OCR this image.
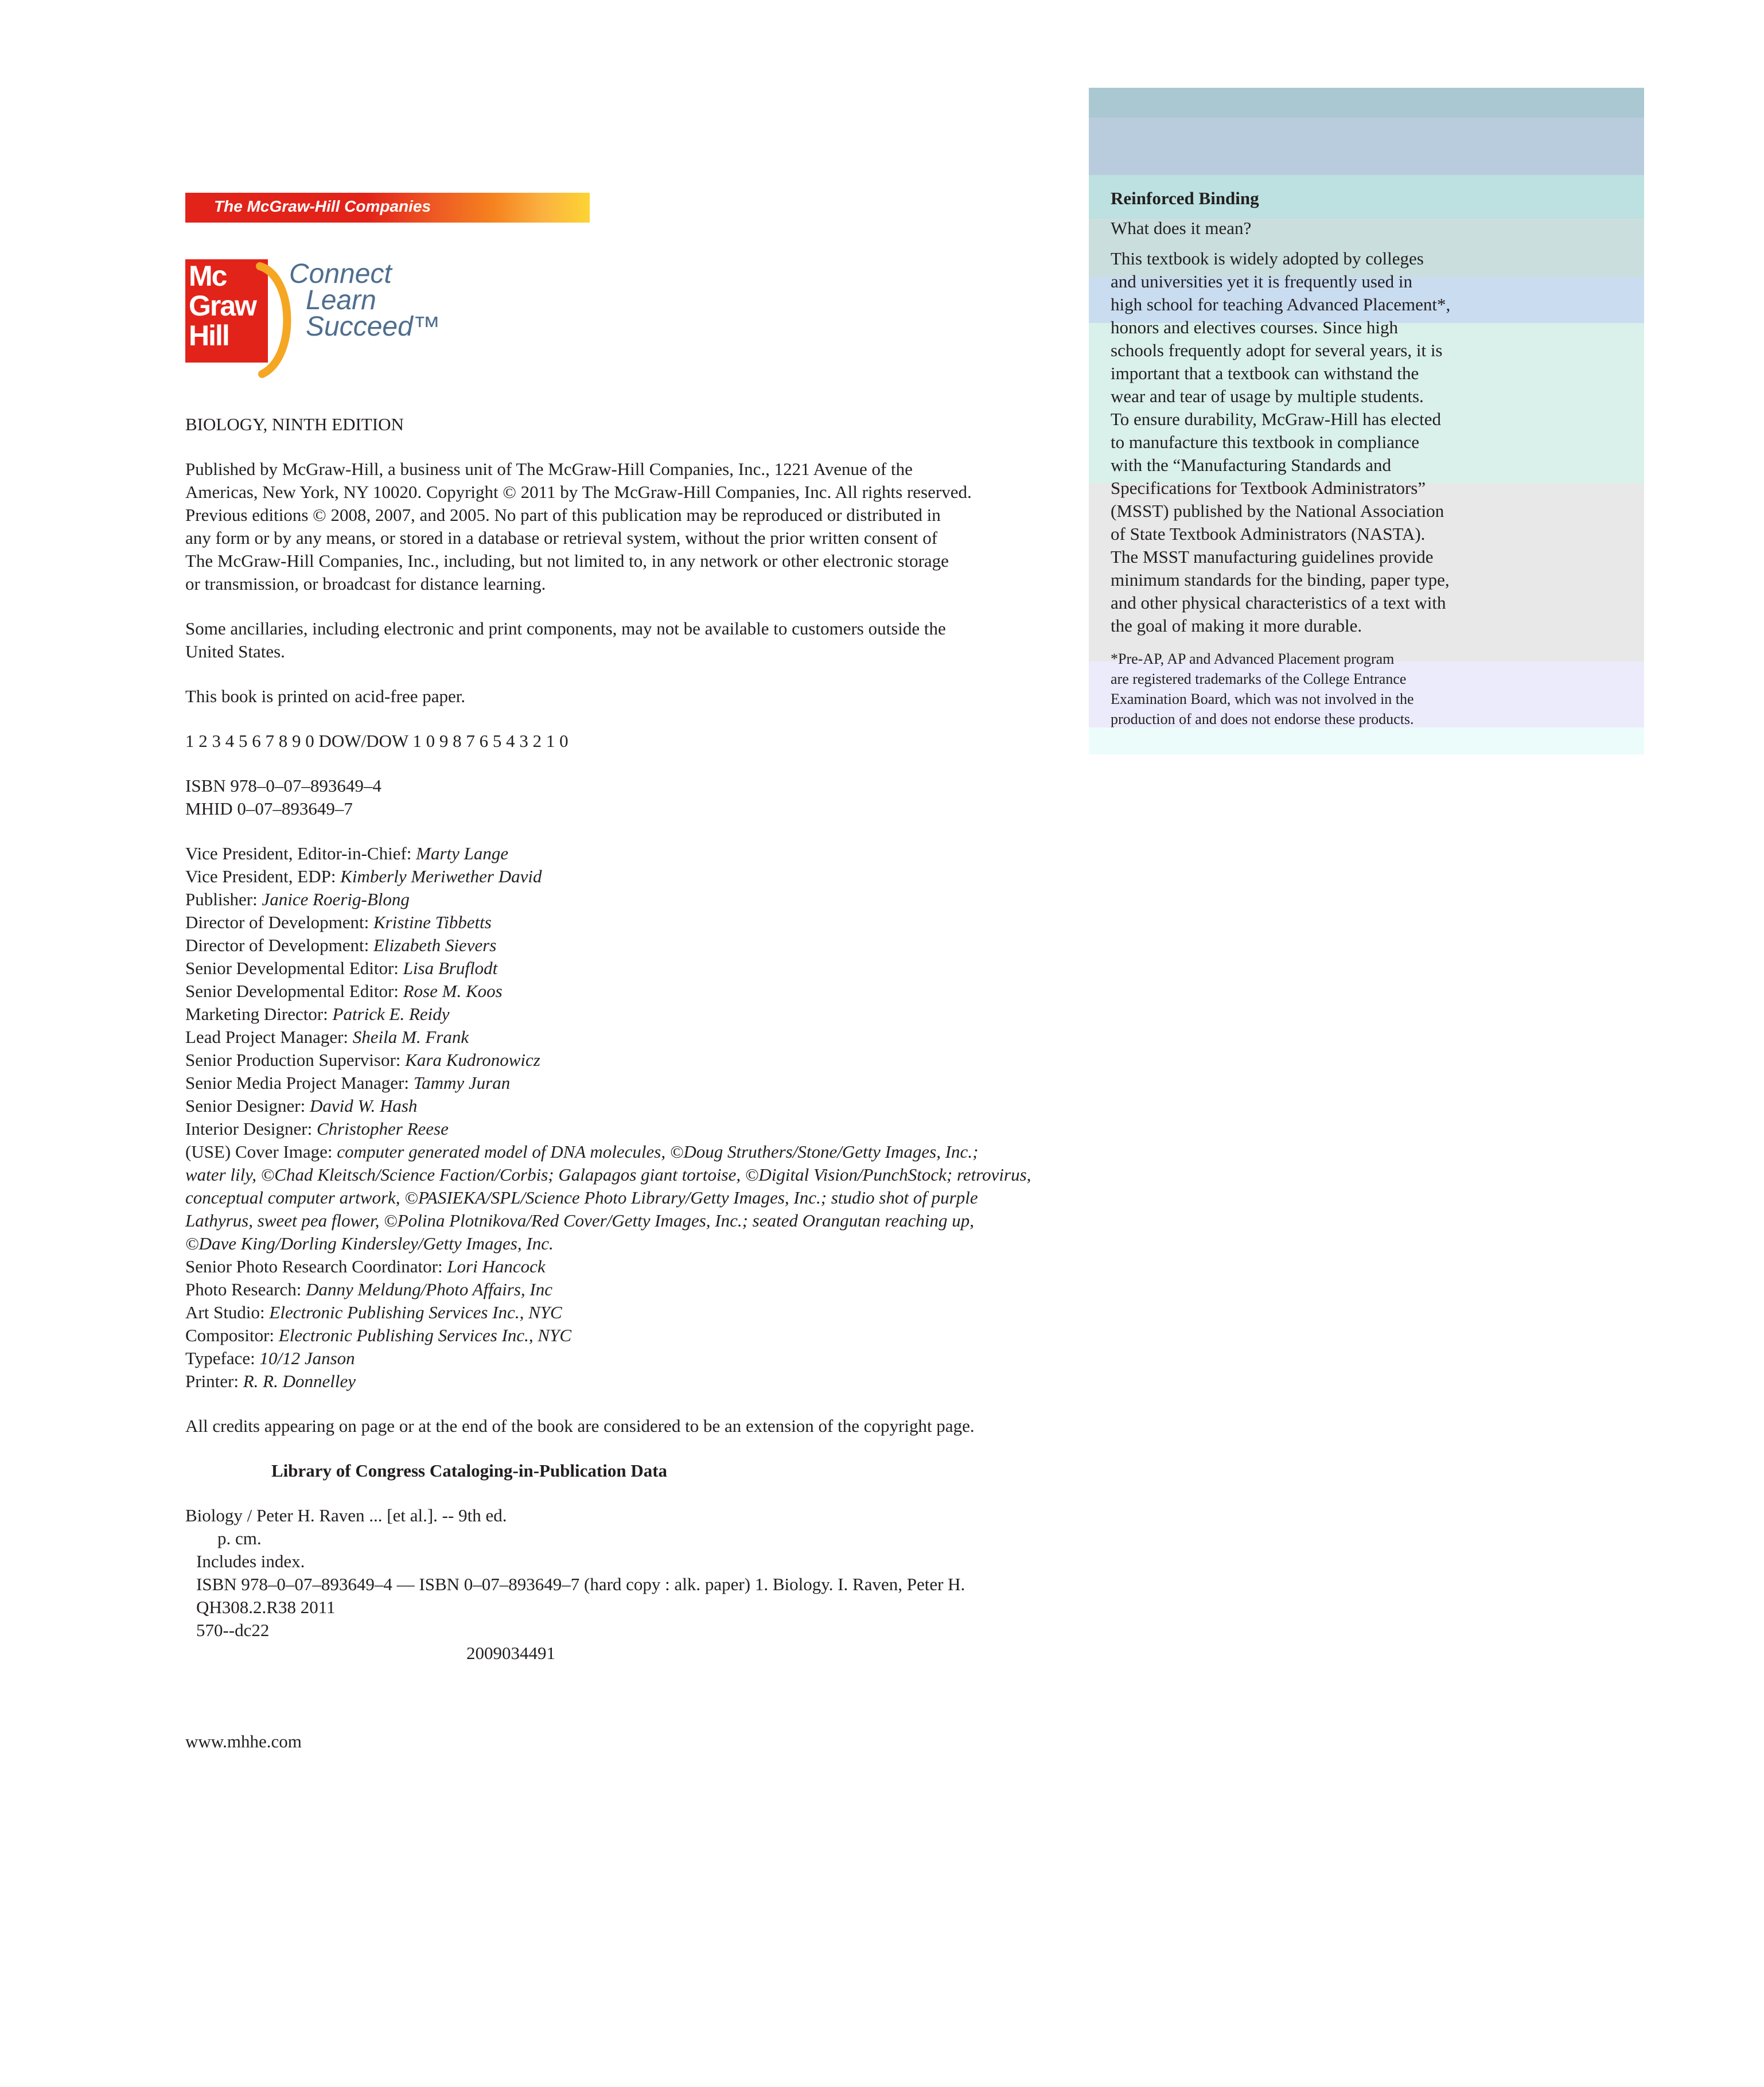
The McGraw-Hill Companies
Mc
Graw
Hill
Connect
Learn
Succeed™

BIOLOGY, NINTH EDITION

Published by McGraw-Hill, a business unit of The McGraw-Hill Companies, Inc., 1221 Avenue of the

Americas, New York, NY 10020. Copyright © 2011 by The McGraw-Hill Companies, Inc. All rights reserved.

Previous editions © 2008, 2007, and 2005. No part of this publication may be reproduced or distributed in

any form or by any means, or stored in a database or retrieval system, without the prior written consent of

The McGraw-Hill Companies, Inc., including, but not limited to, in any network or other electronic storage

or transmission, or broadcast for distance learning.

Some ancillaries, including electronic and print components, may not be available to customers outside the

United States.

This book is printed on acid-free paper.

1 2 3 4 5 6 7 8 9 0 DOW/DOW 1 0 9 8 7 6 5 4 3 2 1 0

ISBN 978–0–07–893649–4

MHID 0–07–893649–7

Vice President, Editor-in-Chief: Marty Lange

Vice President, EDP: Kimberly Meriwether David

Publisher: Janice Roerig-Blong

Director of Development: Kristine Tibbetts

Director of Development: Elizabeth Sievers

Senior Developmental Editor: Lisa Bruflodt

Senior Developmental Editor: Rose M. Koos

Marketing Director: Patrick E. Reidy

Lead Project Manager: Sheila M. Frank

Senior Production Supervisor: Kara Kudronowicz

Senior Media Project Manager: Tammy Juran

Senior Designer: David W. Hash

Interior Designer: Christopher Reese

(USE) Cover Image: computer generated model of DNA molecules, ©Doug Struthers/Stone/Getty Images, Inc.;

water lily, ©Chad Kleitsch/Science Faction/Corbis; Galapagos giant tortoise, ©Digital Vision/PunchStock; retrovirus,

conceptual computer artwork, ©PASIEKA/SPL/Science Photo Library/Getty Images, Inc.; studio shot of purple

Lathyrus, sweet pea flower, ©Polina Plotnikova/Red Cover/Getty Images, Inc.; seated Orangutan reaching up,

©Dave King/Dorling Kindersley/Getty Images, Inc.

Senior Photo Research Coordinator: Lori Hancock

Photo Research: Danny Meldung/Photo Affairs, Inc

Art Studio: Electronic Publishing Services Inc., NYC

Compositor: Electronic Publishing Services Inc., NYC

Typeface: 10/12 Janson

Printer: R. R. Donnelley

All credits appearing on page or at the end of the book are considered to be an extension of the copyright page.

Library of Congress Cataloging-in-Publication Data

Biology / Peter H. Raven ... [et al.]. -- 9th ed.

p. cm.

Includes index.

ISBN 978–0–07–893649–4 — ISBN 0–07–893649–7 (hard copy : alk. paper) 1. Biology. I. Raven, Peter H.

QH308.2.R38 2011

570--dc22

2009034491

www.mhhe.com

Reinforced Binding

What does it mean?

This textbook is widely adopted by colleges

and universities yet it is frequently used in

high school for teaching Advanced Placement*,

honors and electives courses. Since high

schools frequently adopt for several years, it is

important that a textbook can withstand the

wear and tear of usage by multiple students.

To ensure durability, McGraw-Hill has elected

to manufacture this textbook in compliance

with the “Manufacturing Standards and

Specifications for Textbook Administrators”

(MSST) published by the National Association

of State Textbook Administrators (NASTA).

The MSST manufacturing guidelines provide

minimum standards for the binding, paper type,

and other physical characteristics of a text with

the goal of making it more durable.

*Pre-AP, AP and Advanced Placement program

are registered trademarks of the College Entrance

Examination Board, which was not involved in the

production of and does not endorse these products.
